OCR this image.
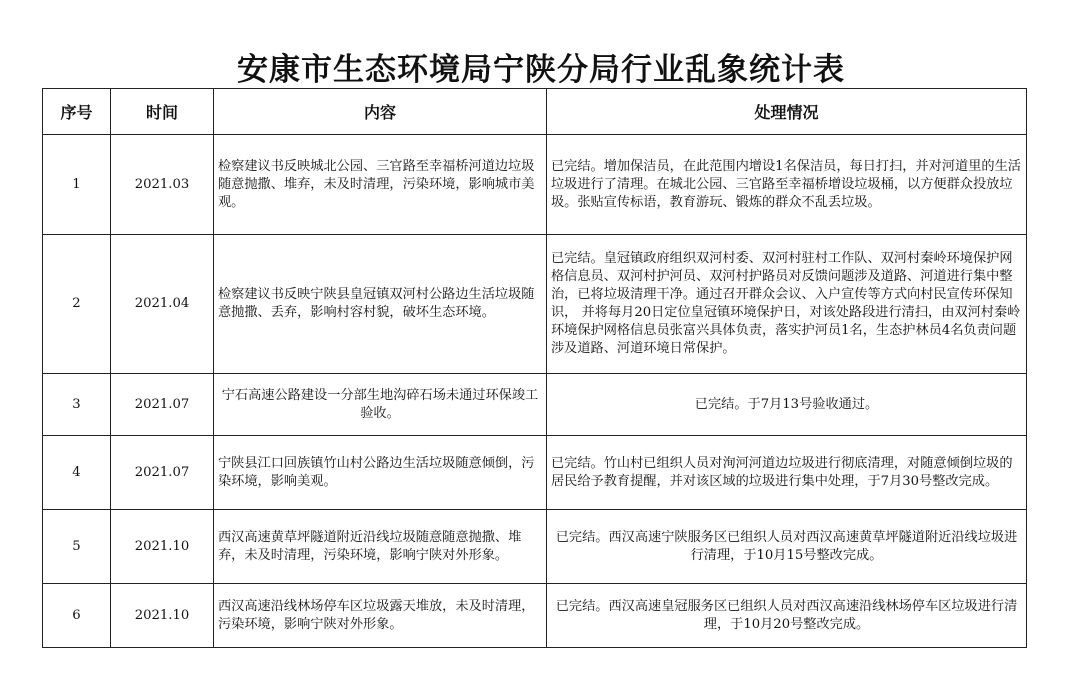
安康市生态环境局宁陕分局行业乱象统计表
序号	时间	内容	处理情况
1	2021.03	检察建议书反映城北公园、三官路至幸福桥河道边垃圾随意抛撒、堆弃，未及时清理，污染环境，影响城市美观。	已完结。增加保洁员，在此范围内增设1名保洁员，每日打扫，并对河道里的生活垃圾进行了清理。在城北公园、三官路至幸福桥增设垃圾桶，以方便群众投放垃圾。张贴宣传标语，教育游玩、锻炼的群众不乱丢垃圾。
2	2021.04	检察建议书反映宁陕县皇冠镇双河村公路边生活垃圾随意抛撒、丢弃，影响村容村貌，破坏生态环境。	已完结。皇冠镇政府组织双河村委、双河村驻村工作队、双河村秦岭环境保护网格信息员、双河村护河员、双河村护路员对反馈问题涉及道路、河道进行集中整治，已将垃圾清理干净。通过召开群众会议、入户宣传等方式向村民宣传环保知识， 并将每月20日定位皇冠镇环境保护日，对该处路段进行清扫，由双河村秦岭环境保护网格信息员张富兴具体负责，落实护河员1名，生态护林员4名负责问题涉及道路、河道环境日常保护。
3	2021.07	宁石高速公路建设一分部生地沟碎石场未通过环保竣工验收。	已完结。于7月13号验收通过。
4	2021.07	宁陕县江口回族镇竹山村公路边生活垃圾随意倾倒，污染环境，影响美观。	已完结。竹山村已组织人员对洵河河道边垃圾进行彻底清理，对随意倾倒垃圾的居民给予教育提醒，并对该区域的垃圾进行集中处理，于7月30号整改完成。
5	2021.10	西汉高速黄草坪隧道附近沿线垃圾随意随意抛撒、堆弃，未及时清理，污染环境，影响宁陕对外形象。	已完结。西汉高速宁陕服务区已组织人员对西汉高速黄草坪隧道附近沿线垃圾进行清理，于10月15号整改完成。
6	2021.10	西汉高速沿线林场停车区垃圾露天堆放，未及时清理，污染环境，影响宁陕对外形象。	已完结。西汉高速皇冠服务区已组织人员对西汉高速沿线林场停车区垃圾进行清理，于10月20号整改完成。
